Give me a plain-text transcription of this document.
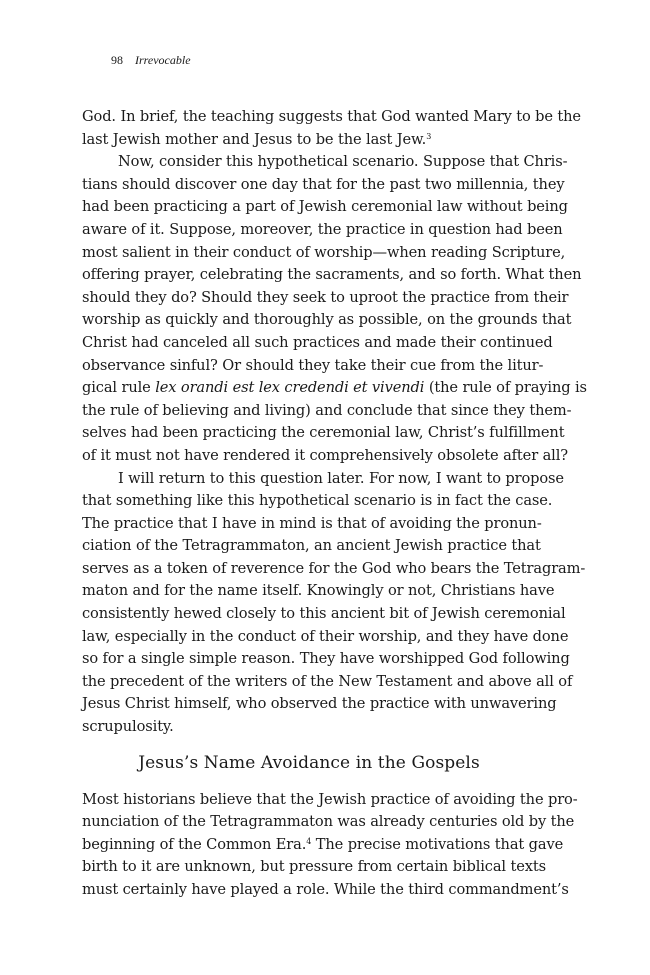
98 Irrevocable
God. In brief, the teaching suggests that God wanted Mary to be the
last Jewish mother and Jesus to be the last Jew.$^3$
Now, consider this hypothetical scenario. Suppose that Chris-
tians should discover one day that for the past two millennia, they
had been practicing a part of Jewish ceremonial law without being
aware of it. Suppose, moreover, the practice in question had been
most salient in their conduct of worship—when reading Scripture,
offering prayer, celebrating the sacraments, and so forth. What then
should they do? Should they seek to uproot the practice from their
worship as quickly and thoroughly as possible, on the grounds that
Christ had canceled all such practices and made their continued
observance sinful? Or should they take their cue from the litur-
gical rule lex orandi est lex credendi et vivendi (the rule of praying is
the rule of believing and living) and conclude that since they them-
selves had been practicing the ceremonial law, Christ’s fulfillment
of it must not have rendered it comprehensively obsolete after all?
I will return to this question later. For now, I want to propose
that something like this hypothetical scenario is in fact the case.
The practice that I have in mind is that of avoiding the pronun-
ciation of the Tetragrammaton, an ancient Jewish practice that
serves as a token of reverence for the God who bears the Tetragram-
maton and for the name itself. Knowingly or not, Christians have
consistently hewed closely to this ancient bit of Jewish ceremonial
law, especially in the conduct of their worship, and they have done
so for a single simple reason. They have worshipped God following
the precedent of the writers of the New Testament and above all of
Jesus Christ himself, who observed the practice with unwavering
scrupulosity.
Jesus’s Name Avoidance in the Gospels
Most historians believe that the Jewish practice of avoiding the pro-
nunciation of the Tetragrammaton was already centuries old by the
beginning of the Common Era.$^4$ The precise motivations that gave
birth to it are unknown, but pressure from certain biblical texts
must certainly have played a role. While the third commandment’s
